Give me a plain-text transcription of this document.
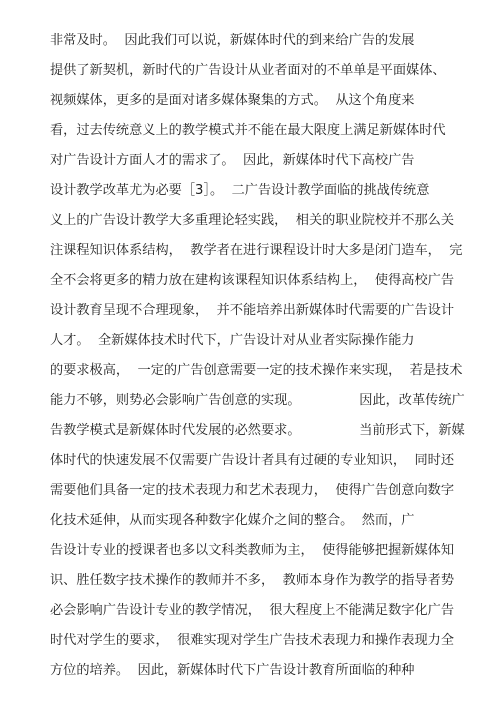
非常及时。  因此我们可以说，新媒体时代的到来给广告的发展
提供了新契机，新时代的广告设计从业者面对的不单单是平面媒体、
视频媒体，更多的是面对诸多媒体聚集的方式。  从这个角度来
看，过去传统意义上的教学模式并不能在最大限度上满足新媒体时代
对广告设计方面人才的需求了。  因此，新媒体时代下高校广告
设计教学改革尤为必要［3］。  二广告设计教学面临的挑战传统意
义上的广告设计教学大多重理论轻实践，  相关的职业院校并不那么关
注课程知识体系结构，  教学者在进行课程设计时大多是闭门造车，  完
全不会将更多的精力放在建构该课程知识体系结构上，  使得高校广告
设计教育呈现不合理现象，  并不能培养出新媒体时代需要的广告设计
人才。  全新媒体技术时代下，广告设计对从业者实际操作能力
的要求极高，  一定的广告创意需要一定的技术操作来实现，  若是技术
能力不够，则势必会影响广告创意的实现。              因此，改革传统广
告教学模式是新媒体时代发展的必然要求。              当前形式下，新媒
体时代的快速发展不仅需要广告设计者具有过硬的专业知识，  同时还
需要他们具备一定的技术表现力和艺术表现力，  使得广告创意向数字
化技术延伸，从而实现各种数字化媒介之间的整合。  然而，广
告设计专业的授课者也多以文科类教师为主，  使得能够把握新媒体知
识、胜任数字技术操作的教师并不多，  教师本身作为教学的指导者势
必会影响广告设计专业的教学情况，  很大程度上不能满足数字化广告
时代对学生的要求，  很难实现对学生广告技术表现力和操作表现力全
方位的培养。  因此，新媒体时代下广告设计教育所面临的种种
